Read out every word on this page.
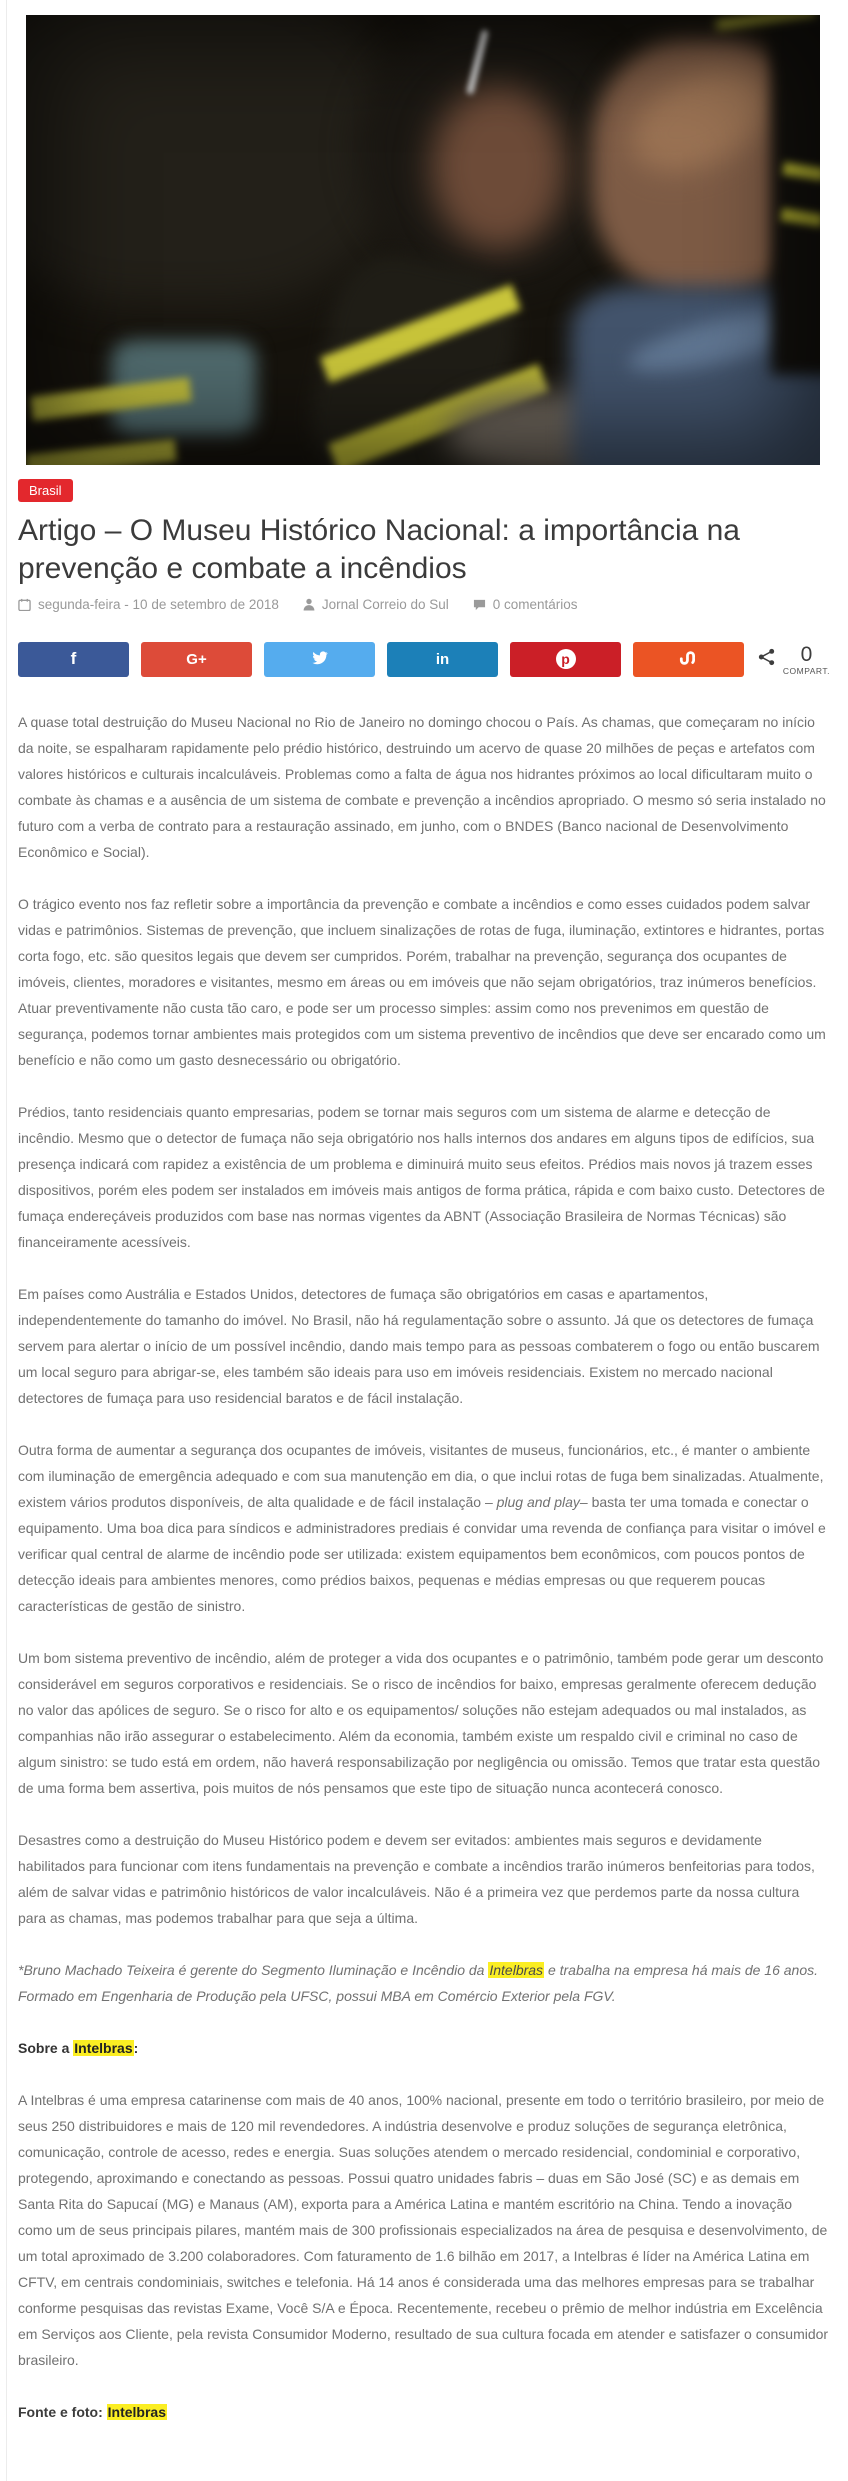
Brasil
Artigo – O Museu Histórico Nacional: a importância na prevenção e combate a incêndios
segunda-feira - 10 de setembro de 2018	Jornal Correio do Sul	0 comentários
f	G+	in	p	0
COMPART.

A quase total destruição do Museu Nacional no Rio de Janeiro no domingo chocou o País. As chamas, que começaram no início da noite, se espalharam rapidamente pelo prédio histórico, destruindo um acervo de quase 20 milhões de peças e artefatos com valores históricos e culturais incalculáveis. Problemas como a falta de água nos hidrantes próximos ao local dificultaram muito o combate às chamas e a ausência de um sistema de combate e prevenção a incêndios apropriado. O mesmo só seria instalado no futuro com a verba de contrato para a restauração assinado, em junho, com o BNDES (Banco nacional de Desenvolvimento Econômico e Social).

O trágico evento nos faz refletir sobre a importância da prevenção e combate a incêndios e como esses cuidados podem salvar vidas e patrimônios. Sistemas de prevenção, que incluem sinalizações de rotas de fuga, iluminação, extintores e hidrantes, portas corta fogo, etc. são quesitos legais que devem ser cumpridos. Porém, trabalhar na prevenção, segurança dos ocupantes de imóveis, clientes, moradores e visitantes, mesmo em áreas ou em imóveis que não sejam obrigatórios, traz inúmeros benefícios. Atuar preventivamente não custa tão caro, e pode ser um processo simples: assim como nos prevenimos em questão de segurança, podemos tornar ambientes mais protegidos com um sistema preventivo de incêndios que deve ser encarado como um benefício e não como um gasto desnecessário ou obrigatório.

Prédios, tanto residenciais quanto empresarias, podem se tornar mais seguros com um sistema de alarme e detecção de incêndio. Mesmo que o detector de fumaça não seja obrigatório nos halls internos dos andares em alguns tipos de edifícios, sua presença indicará com rapidez a existência de um problema e diminuirá muito seus efeitos. Prédios mais novos já trazem esses dispositivos, porém eles podem ser instalados em imóveis mais antigos de forma prática, rápida e com baixo custo. Detectores de fumaça endereçáveis produzidos com base nas normas vigentes da ABNT (Associação Brasileira de Normas Técnicas) são financeiramente acessíveis.

Em países como Austrália e Estados Unidos, detectores de fumaça são obrigatórios em casas e apartamentos, independentemente do tamanho do imóvel. No Brasil, não há regulamentação sobre o assunto. Já que os detectores de fumaça servem para alertar o início de um possível incêndio, dando mais tempo para as pessoas combaterem o fogo ou então buscarem um local seguro para abrigar-se, eles também são ideais para uso em imóveis residenciais. Existem no mercado nacional detectores de fumaça para uso residencial baratos e de fácil instalação.

Outra forma de aumentar a segurança dos ocupantes de imóveis, visitantes de museus, funcionários, etc., é manter o ambiente com iluminação de emergência adequado e com sua manutenção em dia, o que inclui rotas de fuga bem sinalizadas. Atualmente, existem vários produtos disponíveis, de alta qualidade e de fácil instalação – plug and play– basta ter uma tomada e conectar o equipamento. Uma boa dica para síndicos e administradores prediais é convidar uma revenda de confiança para visitar o imóvel e verificar qual central de alarme de incêndio pode ser utilizada: existem equipamentos bem econômicos, com poucos pontos de detecção ideais para ambientes menores, como prédios baixos, pequenas e médias empresas ou que requerem poucas características de gestão de sinistro.

Um bom sistema preventivo de incêndio, além de proteger a vida dos ocupantes e o patrimônio, também pode gerar um desconto considerável em seguros corporativos e residenciais. Se o risco de incêndios for baixo, empresas geralmente oferecem dedução no valor das apólices de seguro. Se o risco for alto e os equipamentos/ soluções não estejam adequados ou mal instalados, as companhias não irão assegurar o estabelecimento. Além da economia, também existe um respaldo civil e criminal no caso de algum sinistro: se tudo está em ordem, não haverá responsabilização por negligência ou omissão. Temos que tratar esta questão de uma forma bem assertiva, pois muitos de nós pensamos que este tipo de situação nunca acontecerá conosco.

Desastres como a destruição do Museu Histórico podem e devem ser evitados: ambientes mais seguros e devidamente habilitados para funcionar com itens fundamentais na prevenção e combate a incêndios trarão inúmeros benfeitorias para todos, além de salvar vidas e patrimônio históricos de valor incalculáveis. Não é a primeira vez que perdemos parte da nossa cultura para as chamas, mas podemos trabalhar para que seja a última.

*Bruno Machado Teixeira é gerente do Segmento Iluminação e Incêndio da Intelbras e trabalha na empresa há mais de 16 anos. Formado em Engenharia de Produção pela UFSC, possui MBA em Comércio Exterior pela FGV.

Sobre a Intelbras:

A Intelbras é uma empresa catarinense com mais de 40 anos, 100% nacional, presente em todo o território brasileiro, por meio de seus 250 distribuidores e mais de 120 mil revendedores. A indústria desenvolve e produz soluções de segurança eletrônica, comunicação, controle de acesso, redes e energia. Suas soluções atendem o mercado residencial, condominial e corporativo, protegendo, aproximando e conectando as pessoas. Possui quatro unidades fabris – duas em São José (SC) e as demais em Santa Rita do Sapucaí (MG) e Manaus (AM), exporta para a América Latina e mantém escritório na China. Tendo a inovação como um de seus principais pilares, mantém mais de 300 profissionais especializados na área de pesquisa e desenvolvimento, de um total aproximado de 3.200 colaboradores. Com faturamento de 1.6 bilhão em 2017, a Intelbras é líder na América Latina em CFTV, em centrais condominiais, switches e telefonia. Há 14 anos é considerada uma das melhores empresas para se trabalhar conforme pesquisas das revistas Exame, Você S/A e Época. Recentemente, recebeu o prêmio de melhor indústria em Excelência em Serviços aos Cliente, pela revista Consumidor Moderno, resultado de sua cultura focada em atender e satisfazer o consumidor brasileiro.

Fonte e foto: Intelbras
